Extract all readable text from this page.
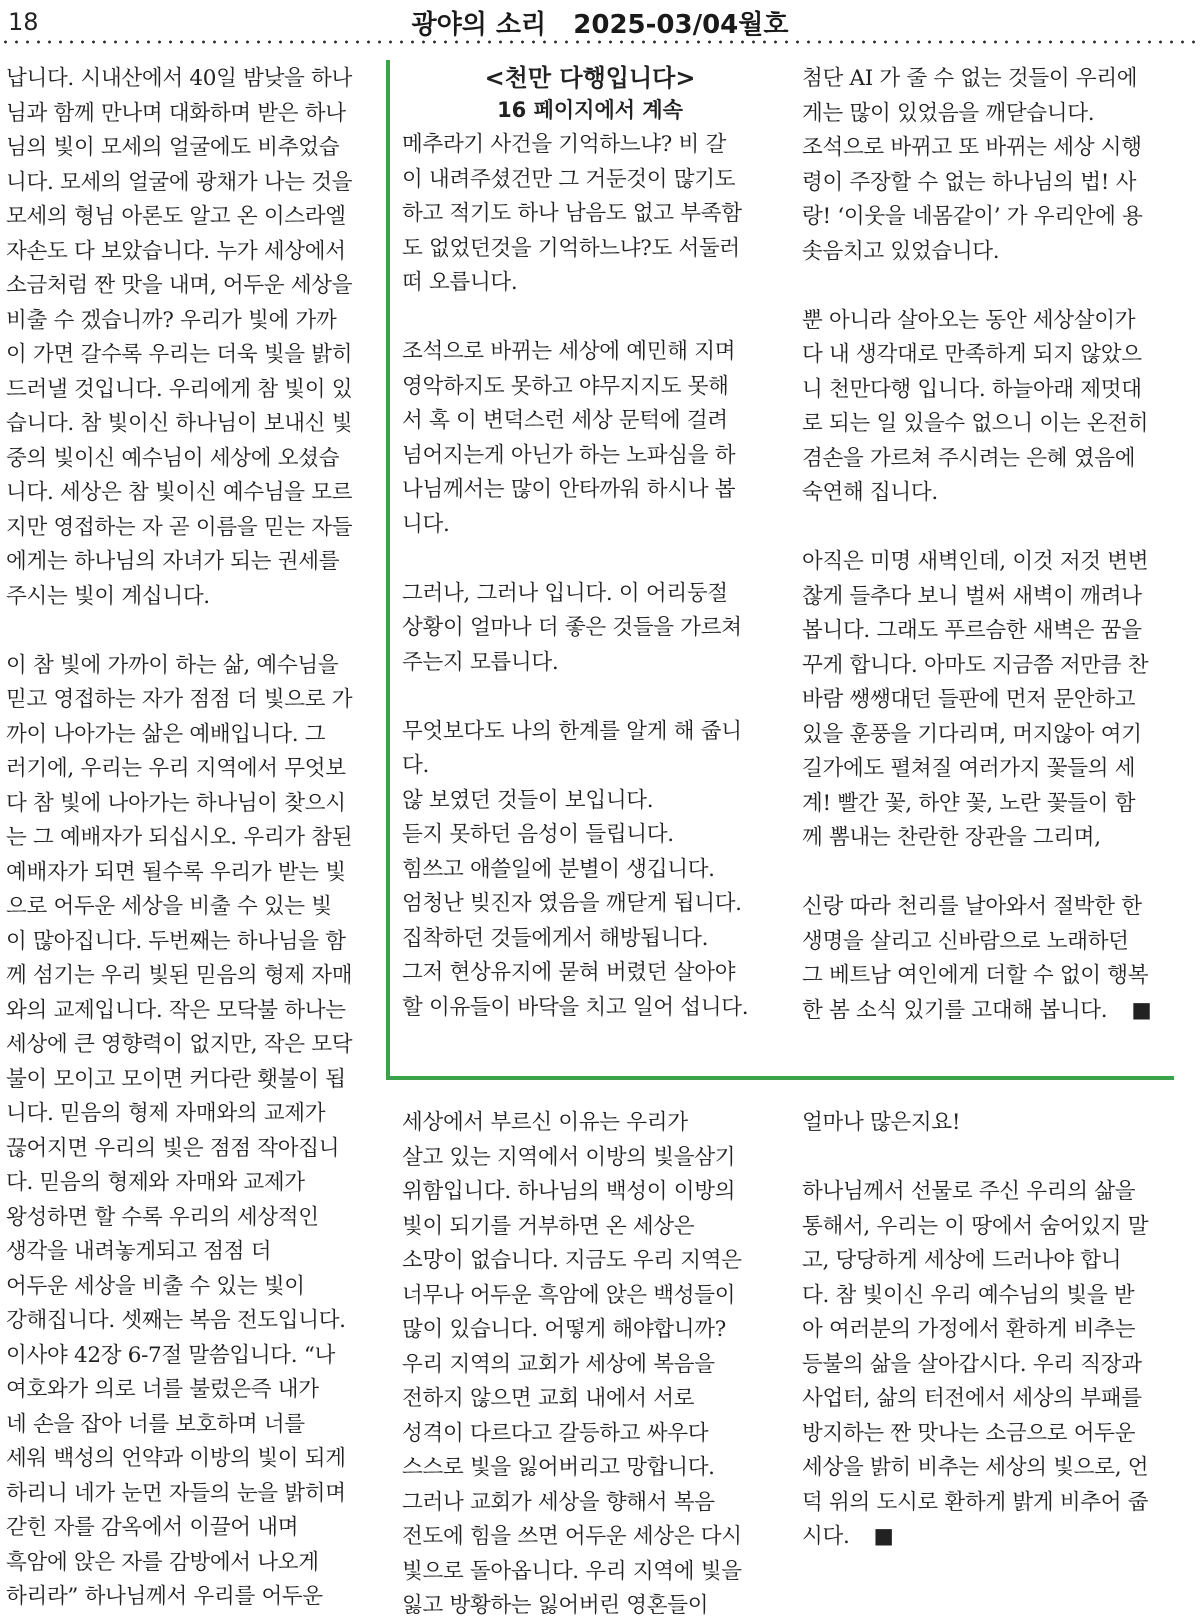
18	광야의 소리   2025-03/04월호

납니다. 시내산에서 40일 밤낮을 하나

님과 함께 만나며 대화하며 받은 하나

님의 빛이 모세의 얼굴에도 비추었습

니다. 모세의 얼굴에 광채가 나는 것을

모세의 형님 아론도 알고 온 이스라엘

자손도 다 보았습니다. 누가 세상에서

소금처럼 짠 맛을 내며, 어두운 세상을

비출 수 겠습니까? 우리가 빛에 가까

이 가면 갈수록 우리는 더욱 빛을 밝히

드러낼 것입니다. 우리에게 참 빛이 있

습니다. 참 빛이신 하나님이 보내신 빛

중의 빛이신 예수님이 세상에 오셨습

니다. 세상은 참 빛이신 예수님을 모르

지만 영접하는 자 곧 이름을 믿는 자들

에게는 하나님의 자녀가 되는 권세를

주시는 빛이 계십니다.

이 참 빛에 가까이 하는 삶, 예수님을

믿고 영접하는 자가 점점 더 빛으로 가

까이 나아가는 삶은 예배입니다. 그

러기에, 우리는 우리 지역에서 무엇보

다 참 빛에 나아가는 하나님이 찾으시

는 그 예배자가 되십시오. 우리가 참된

예배자가 되면 될수록 우리가 받는 빛

으로 어두운 세상을 비출 수 있는 빛

이 많아집니다. 두번째는 하나님을 함

께 섬기는 우리 빛된 믿음의 형제 자매

와의 교제입니다. 작은 모닥불 하나는

세상에 큰 영향력이 없지만, 작은 모닥

불이 모이고 모이면 커다란 횃불이 됩

니다. 믿음의 형제 자매와의 교제가

끊어지면 우리의 빛은 점점 작아집니

다. 믿음의 형제와 자매와 교제가

왕성하면 할 수록 우리의 세상적인

생각을 내려놓게되고 점점 더

어두운 세상을 비출 수 있는 빛이

강해집니다. 셋째는 복음 전도입니다.

이사야 42장 6-7절 말씀입니다. “나

여호와가 의로 너를 불렀은즉 내가

네 손을 잡아 너를 보호하며 너를

세워 백성의 언약과 이방의 빛이 되게

하리니 네가 눈먼 자들의 눈을 밝히며

갇힌 자를 감옥에서 이끌어 내며

흑암에 앉은 자를 감방에서 나오게

하리라” 하나님께서 우리를 어두운

<천만 다행입니다>
16 페이지에서 계속

메추라기 사건을 기억하느냐? 비 갈

이 내려주셨건만 그 거둔것이 많기도

하고 적기도 하나 남음도 없고 부족함

도 없었던것을 기억하느냐?도 서둘러

떠 오릅니다.

조석으로 바뀌는 세상에 예민해 지며

영악하지도 못하고 야무지지도 못해

서 혹 이 변덕스런 세상 문턱에 걸려

넘어지는게 아닌가 하는 노파심을 하

나님께서는 많이 안타까워 하시나 봅

니다.

그러나, 그러나 입니다. 이 어리둥절

상황이 얼마나 더 좋은 것들을 가르쳐

주는지 모릅니다.

무엇보다도 나의 한계를 알게 해 줍니

다.

않 보였던 것들이 보입니다.

듣지 못하던 음성이 들립니다.

힘쓰고 애쓸일에 분별이 생깁니다.

엄청난 빚진자 였음을 깨닫게 됩니다.

집착하던 것들에게서 해방됩니다.

그저 현상유지에 묻혀 버렸던 살아야

할 이유들이 바닥을 치고 일어 섭니다.

첨단 AI 가 줄 수 없는 것들이 우리에

게는 많이 있었음을 깨닫습니다.

조석으로 바뀌고 또 바뀌는 세상 시행

령이 주장할 수 없는 하나님의 법! 사

랑! ‘이웃을 네몸같이’ 가 우리안에 용

솟음치고 있었습니다.

뿐 아니라 살아오는 동안 세상살이가

다 내 생각대로 만족하게 되지 않았으

니 천만다행 입니다. 하늘아래 제멋대

로 되는 일 있을수 없으니 이는 온전히

겸손을 가르쳐 주시려는 은혜 였음에

숙연해 집니다.

아직은 미명 새벽인데, 이것 저것 변변

찮게 들추다 보니 벌써 새벽이 깨려나

봅니다. 그래도 푸르슴한 새벽은 꿈을

꾸게 합니다. 아마도 지금쯤 저만큼 찬

바람 쌩쌩대던 들판에 먼저 문안하고

있을 훈풍을 기다리며, 머지않아 여기

길가에도 펼쳐질 여러가지 꽃들의 세

계! 빨간 꽃, 하얀 꽃, 노란 꽃들이 함

께 뽐내는 찬란한 장관을 그리며,

신랑 따라 천리를 날아와서 절박한 한

생명을 살리고 신바람으로 노래하던

그 베트남 여인에게 더할 수 없이 행복

한 봄 소식 있기를 고대해 봅니다. ■

세상에서 부르신 이유는 우리가

살고 있는 지역에서 이방의 빛을삼기

위함입니다. 하나님의 백성이 이방의

빛이 되기를 거부하면 온 세상은

소망이 없습니다. 지금도 우리 지역은

너무나 어두운 흑암에 앉은 백성들이

많이 있습니다. 어떻게 해야합니까?

우리 지역의 교회가 세상에 복음을

전하지 않으면 교회 내에서 서로

성격이 다르다고 갈등하고 싸우다

스스로 빛을 잃어버리고 망합니다.

그러나 교회가 세상을 향해서 복음

전도에 힘을 쓰면 어두운 세상은 다시

빛으로 돌아옵니다. 우리 지역에 빛을

잃고 방황하는 잃어버린 영혼들이

얼마나 많은지요!

하나님께서 선물로 주신 우리의 삶을

통해서, 우리는 이 땅에서 숨어있지 말

고, 당당하게 세상에 드러나야 합니

다. 참 빛이신 우리 예수님의 빛을 받

아 여러분의 가정에서 환하게 비추는

등불의 삶을 살아갑시다. 우리 직장과

사업터, 삶의 터전에서 세상의 부패를

방지하는 짠 맛나는 소금으로 어두운

세상을 밝히 비추는 세상의 빛으로, 언

덕 위의 도시로 환하게 밝게 비추어 줍

시다. ■
